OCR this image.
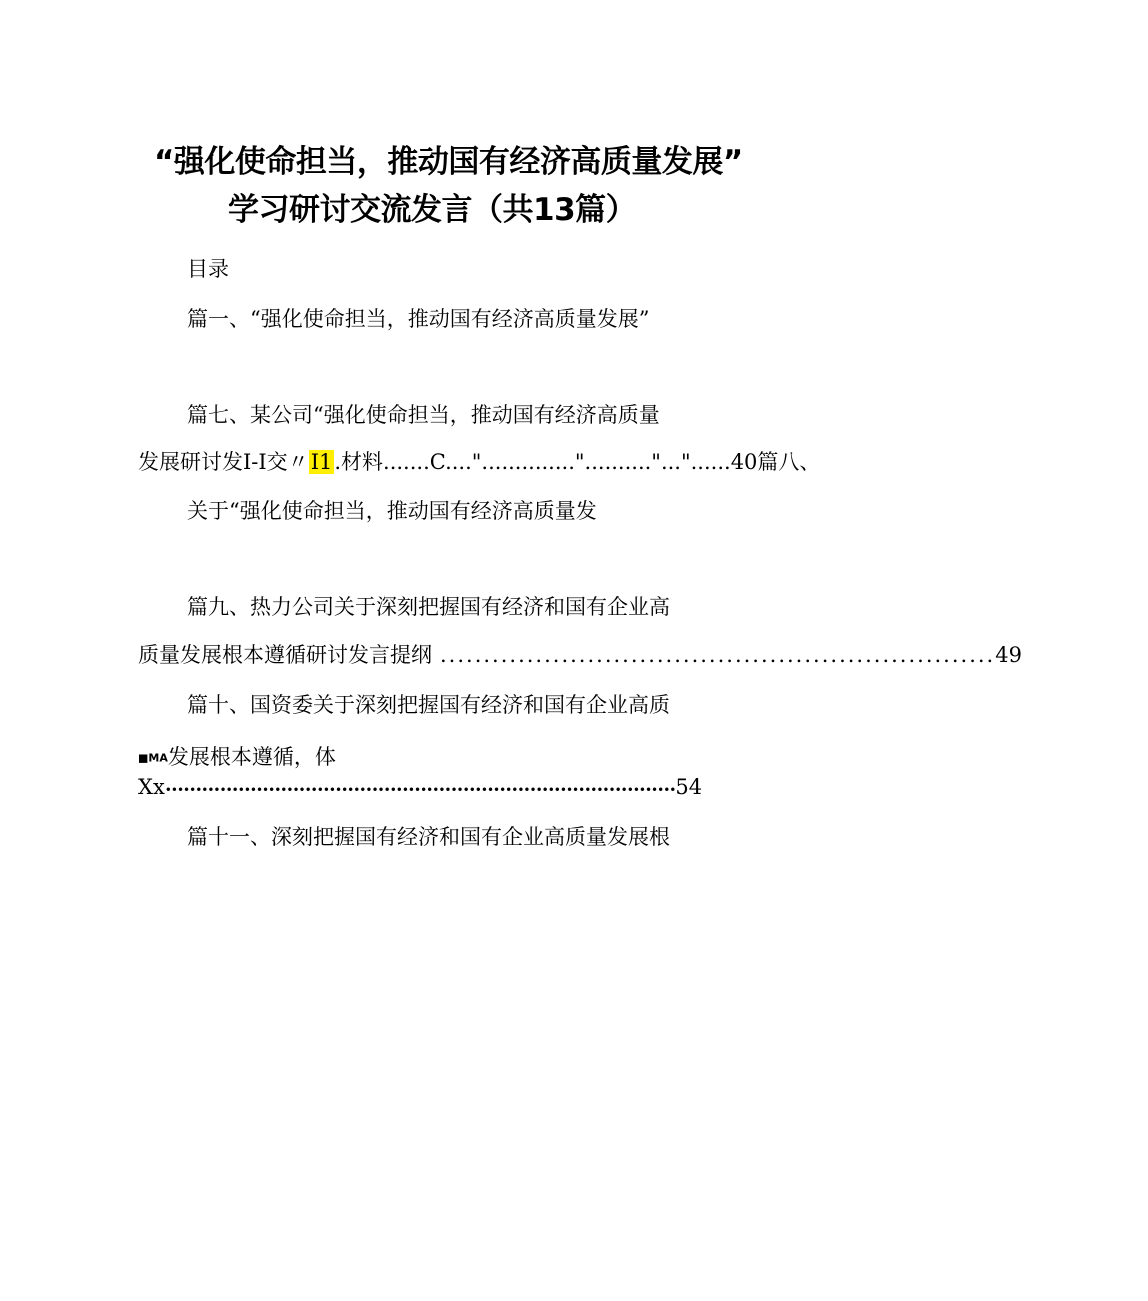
“强化使命担当，推动国有经济高质量发展”
学习研讨交流发言（共13篇）
目录
篇一、“强化使命担当，推动国有经济高质量发展”
篇七、某公司“强化使命担当，推动国有经济高质量
发展研讨发I-I交〃I1.材料.......C...."..............".........."..."......40篇八、
关于“强化使命担当，推动国有经济高质量发
篇九、热力公司关于深刻把握国有经济和国有企业高
质量发展根本遵循研讨发言提纲 ................................................................ 49
篇十、国资委关于深刻把握国有经济和国有企业高质
■MA发展根本遵循，体
Xx •••••••••••••••••••••••••••••••••••••••••••••••••••••••••••••••••••••••••••••••••••• 54
篇十一、深刻把握国有经济和国有企业高质量发展根
